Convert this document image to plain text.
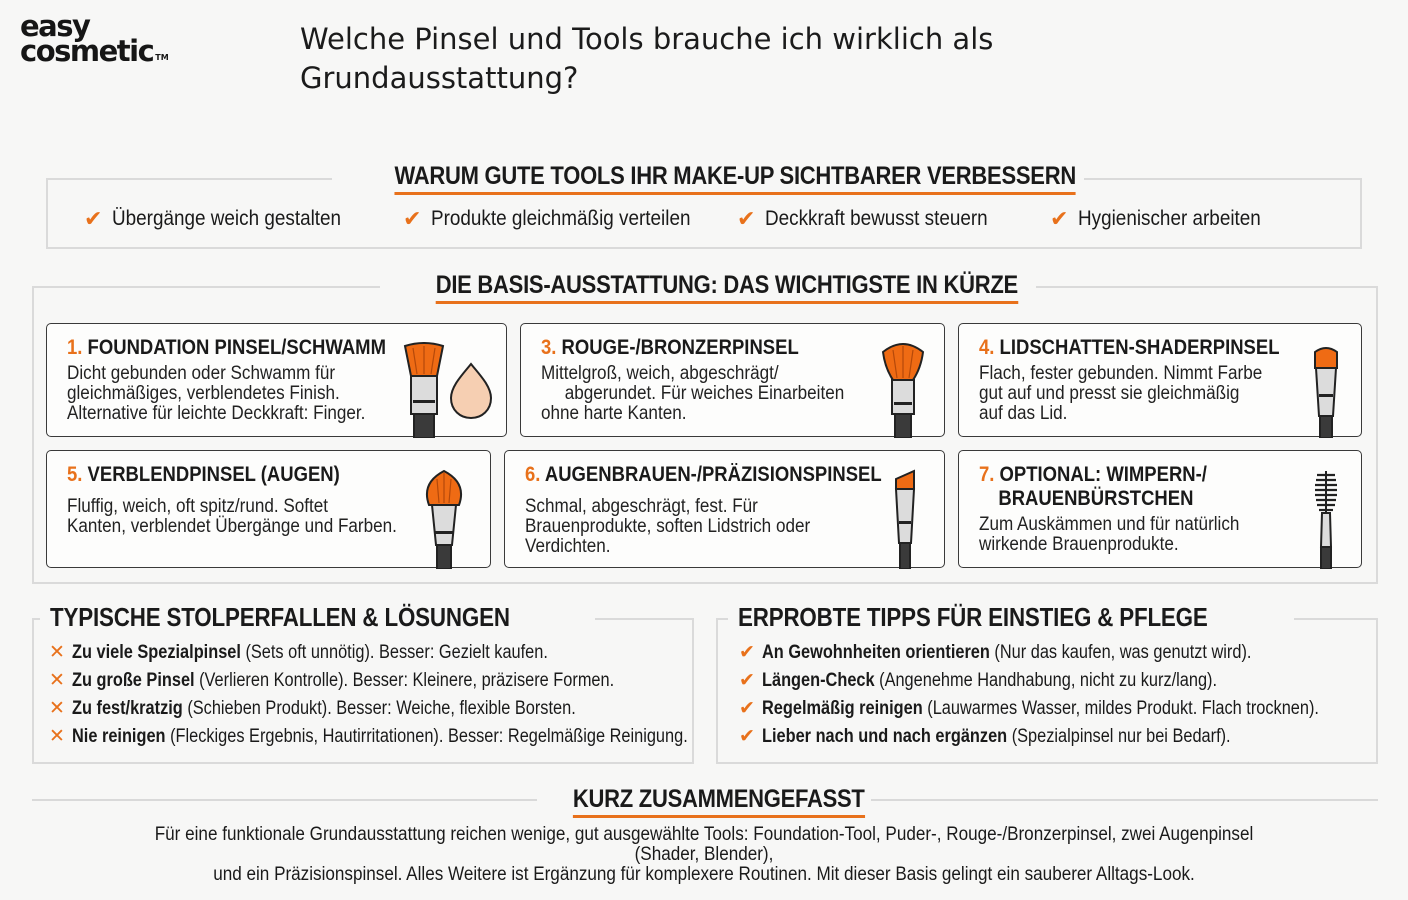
easy
cosmetic ™
Welche Pinsel und Tools brauche ich wirklich als
Grundausstattung?
WARUM GUTE TOOLS IHR MAKE-UP SICHTBARER VERBESSERN
✔ Übergänge weich gestalten	✔ Produkte gleichmäßig verteilen ✔ Deckkraft bewusst steuern	✔ Hygienischer arbeiten
DIE BASIS-AUSSTATTUNG: DAS WICHTIGSTE IN KÜRZE
1. FOUNDATION PINSEL/SCHWAMM
Dicht gebunden oder Schwamm für
gleichmäßiges, verblendetes Finish.
Alternative für leichte Deckkraft: Finger.
3. ROUGE-/BRONZERPINSEL
Mittelgroß, weich, abgeschrägt/
abgerundet. Für weiches Einarbeiten
ohne harte Kanten.
4. LIDSCHATTEN-SHADERPINSEL
Flach, fester gebunden. Nimmt Farbe
gut auf und presst sie gleichmäßig
auf das Lid.
5. VERBLENDPINSEL (AUGEN)
Fluffig, weich, oft spitz/rund. Softet
Kanten, verblendet Übergänge und Farben.
6. AUGENBRAUEN-/PRÄZISIONSPINSEL
Schmal, abgeschrägt, fest. Für
Brauenprodukte, soften Lidstrich oder
Verdichten.
7. OPTIONAL: WIMPERN-/
BRAUENBÜRSTCHEN
Zum Auskämmen und für natürlich
wirkende Brauenprodukte.
TYPISCHE STOLPERFALLEN & LÖSUNGEN
✕ Zu viele Spezialpinsel (Sets oft unnötig). Besser: Gezielt kaufen.
✕ Zu große Pinsel (Verlieren Kontrolle). Besser: Kleinere, präzisere Formen.
✕ Zu fest/kratzig (Schieben Produkt). Besser: Weiche, flexible Borsten.
✕ Nie reinigen (Fleckiges Ergebnis, Hautirritationen). Besser: Regelmäßige Reinigung.
ERPROBTE TIPPS FÜR EINSTIEG & PFLEGE
✔ An Gewohnheiten orientieren (Nur das kaufen, was genutzt wird).
✔ Längen-Check (Angenehme Handhabung, nicht zu kurz/lang).
✔ Regelmäßig reinigen (Lauwarmes Wasser, mildes Produkt. Flach trocknen).
✔ Lieber nach und nach ergänzen (Spezialpinsel nur bei Bedarf).
KURZ ZUSAMMENGEFASST
Für eine funktionale Grundausstattung reichen wenige, gut ausgewählte Tools: Foundation-Tool, Puder-, Rouge-/Bronzerpinsel, zwei Augenpinsel (Shader, Blender),
und ein Präzisionspinsel. Alles Weitere ist Ergänzung für komplexere Routinen. Mit dieser Basis gelingt ein sauberer Alltags-Look.
